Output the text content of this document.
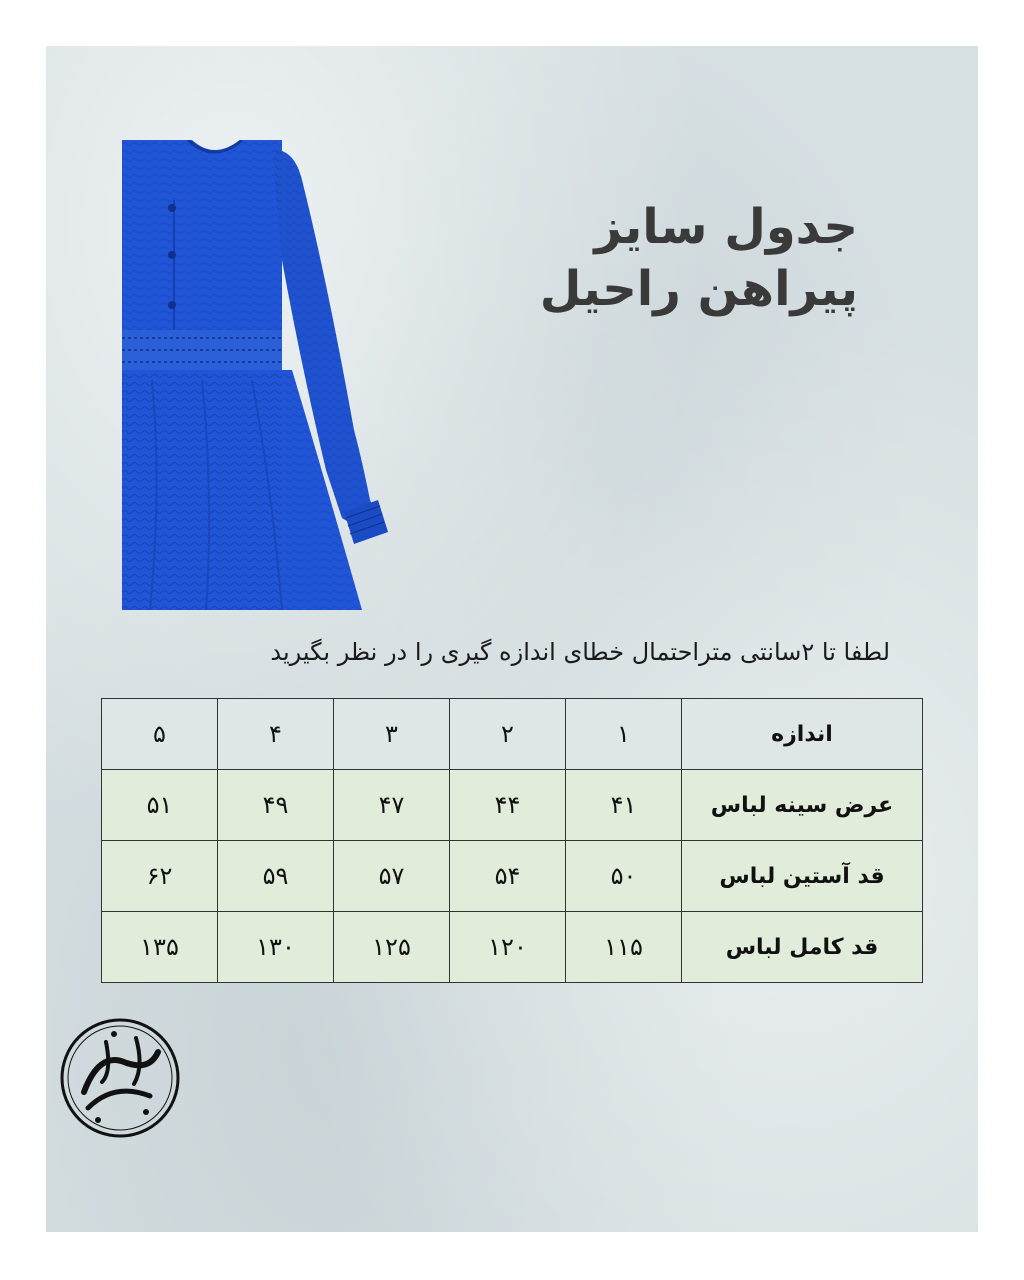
جدول سایز
پیراهن راحیل
لطفا تا ۲سانتی متراحتمال خطای اندازه گیری را در نظر بگیرید
اندازه	۱	۲	۳	۴	۵
عرض سینه لباس	۴۱	۴۴	۴۷	۴۹	۵۱
قد آستین لباس	۵۰	۵۴	۵۷	۵۹	۶۲
قد کامل لباس	۱۱۵	۱۲۰	۱۲۵	۱۳۰	۱۳۵
